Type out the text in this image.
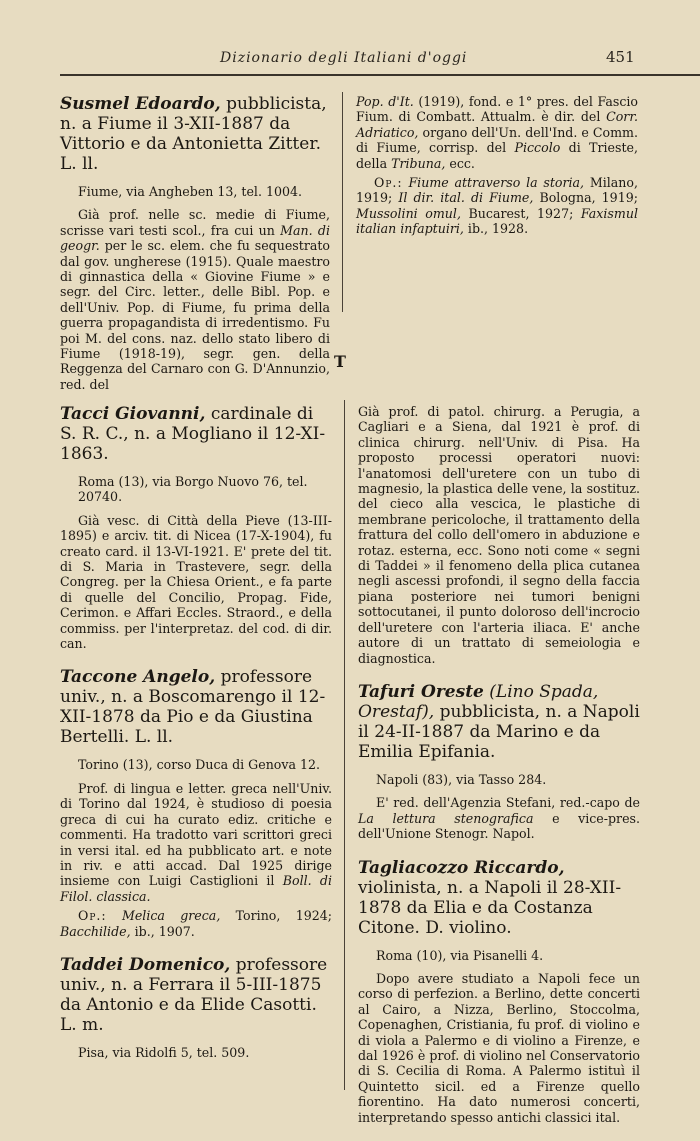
Dizionario degli Italiani d'oggi	451

Susmel Edoardo, pubblicista, n. a Fiume il 3-XII-1887 da Vittorio e da Antonietta Zitter. L. ll.

Fiume, via Angheben 13, tel. 1004.

Già prof. nelle sc. medie di Fiume, scrisse vari testi scol., fra cui un Man. di geogr. per le sc. elem. che fu sequestrato dal gov. ungherese (1915). Quale maestro di ginnastica della « Giovine Fiume » e segr. del Circ. letter., delle Bibl. Pop. e dell'Univ. Pop. di Fiume, fu prima della guerra propagandista di irredentismo. Fu poi M. del cons. naz. dello stato libero di Fiume (1918-19), segr. gen. della Reggenza del Carnaro con G. D'Annunzio, red. del

Pop. d'It. (1919), fond. e 1° pres. del Fascio Fium. di Combatt. Attualm. è dir. del Corr. Adriatico, organo dell'Un. dell'Ind. e Comm. di Fiume, corrisp. del Piccolo di Trieste, della Tribuna, ecc.

Op.: Fiume attraverso la storia, Milano, 1919; Il dir. ital. di Fiume, Bologna, 1919; Mussolini omul, Bucarest, 1927; Faxismul italian infaptuiri, ib., 1928.

T

Tacci Giovanni, cardinale di S. R. C., n. a Mogliano il 12-XI-1863.

Roma (13), via Borgo Nuovo 76, tel. 20740.

Già vesc. di Città della Pieve (13-III-1895) e arciv. tit. di Nicea (17-X-1904), fu creato card. il 13-VI-1921. E' prete del tit. di S. Maria in Trastevere, segr. della Congreg. per la Chiesa Orient., e fa parte di quelle del Concilio, Propag. Fide, Cerimon. e Affari Eccles. Straord., e della commiss. per l'interpretaz. del cod. di dir. can.

Taccone Angelo, professore univ., n. a Boscomarengo il 12-XII-1878 da Pio e da Giustina Bertelli. L. ll.

Torino (13), corso Duca di Genova 12.

Prof. di lingua e letter. greca nell'Univ. di Torino dal 1924, è studioso di poesia greca di cui ha curato ediz. critiche e commenti. Ha tradotto vari scrittori greci in versi ital. ed ha pubblicato art. e note in riv. e atti accad. Dal 1925 dirige insieme con Luigi Castiglioni il Boll. di Filol. classica.

Op.: Melica greca, Torino, 1924; Bacchilide, ib., 1907.

Taddei Domenico, professore univ., n. a Ferrara il 5-III-1875 da Antonio e da Elide Casotti. L. m.

Pisa, via Ridolfi 5, tel. 509.

Già prof. di patol. chirurg. a Perugia, a Cagliari e a Siena, dal 1921 è prof. di clinica chirurg. nell'Univ. di Pisa. Ha proposto processi operatori nuovi: l'anatomosi dell'uretere con un tubo di magnesio, la plastica delle vene, la sostituz. del cieco alla vescica, le plastiche di membrane pericoloche, il trattamento della frattura del collo dell'omero in abduzione e rotaz. esterna, ecc. Sono noti come « segni di Taddei » il fenomeno della plica cutanea negli ascessi profondi, il segno della faccia piana posteriore nei tumori benigni sottocutanei, il punto doloroso dell'incrocio dell'uretere con l'arteria iliaca. E' anche autore di un trattato di semeiologia e diagnostica.

Tafuri Oreste (Lino Spada, Orestaf), pubblicista, n. a Napoli il 24-II-1887 da Marino e da Emilia Epifania.

Napoli (83), via Tasso 284.

E' red. dell'Agenzia Stefani, red.-capo de La lettura stenografica e vice-pres. dell'Unione Stenogr. Napol.

Tagliacozzo Riccardo, violinista, n. a Napoli il 28-XII-1878 da Elia e da Costanza Citone. D. violino.

Roma (10), via Pisanelli 4.

Dopo avere studiato a Napoli fece un corso di perfezion. a Berlino, dette concerti al Cairo, a Nizza, Berlino, Stoccolma, Copenaghen, Cristiania, fu prof. di violino e di viola a Palermo e di violino a Firenze, e dal 1926 è prof. di violino nel Conservatorio di S. Cecilia di Roma. A Palermo istituì il Quintetto sicil. ed a Firenze quello fiorentino. Ha dato numerosi concerti, interpretando spesso antichi classici ital.
